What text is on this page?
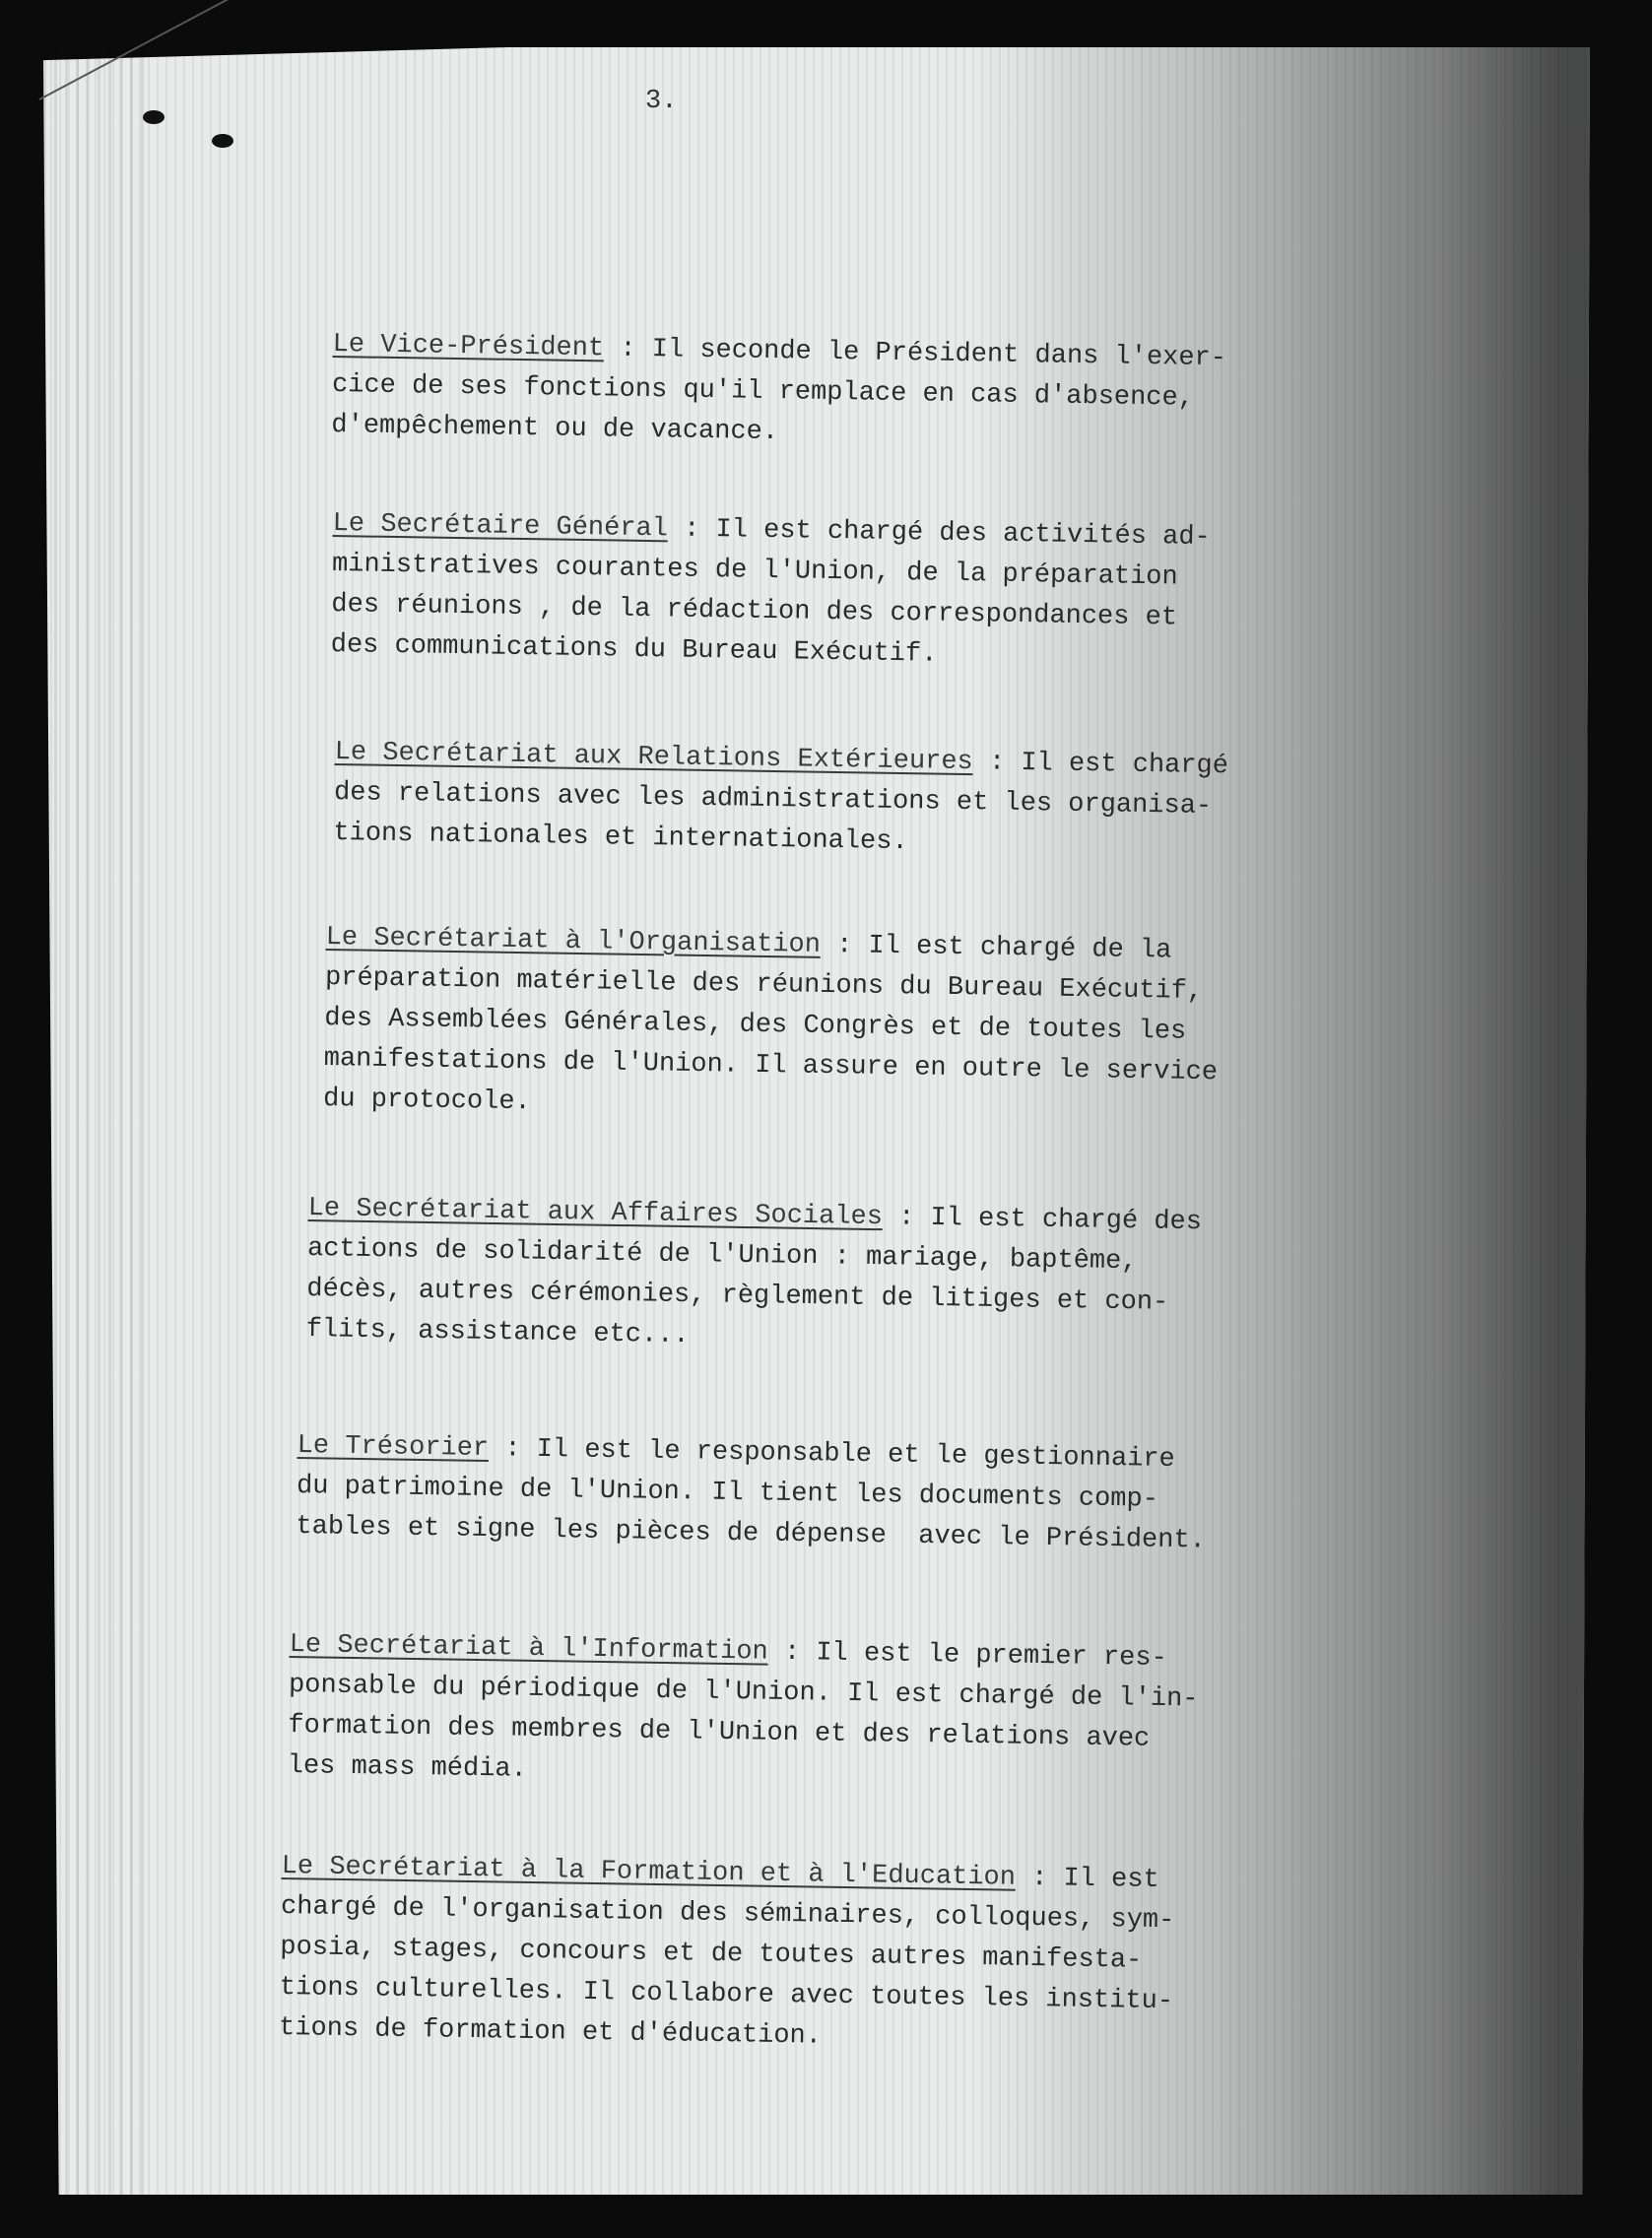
3.
Le Vice-Président : Il seconde le Président dans l'exer-
cice de ses fonctions qu'il remplace en cas d'absence,
d'empêchement ou de vacance.
Le Secrétaire Général : Il est chargé des activités ad-
ministratives courantes de l'Union, de la préparation
des réunions , de la rédaction des correspondances et
des communications du Bureau Exécutif.
Le Secrétariat aux Relations Extérieures : Il est chargé
des relations avec les administrations et les organisa-
tions nationales et internationales.
Le Secrétariat à l'Organisation : Il est chargé de la
préparation matérielle des réunions du Bureau Exécutif,
des Assemblées Générales, des Congrès et de toutes les
manifestations de l'Union. Il assure en outre le service
du protocole.
Le Secrétariat aux Affaires Sociales : Il est chargé des
actions de solidarité de l'Union : mariage, baptême,
décès, autres cérémonies, règlement de litiges et con-
flits, assistance etc...
Le Trésorier : Il est le responsable et le gestionnaire
du patrimoine de l'Union. Il tient les documents comp-
tables et signe les pièces de dépense  avec le Président.
Le Secrétariat à l'Information : Il est le premier res-
ponsable du périodique de l'Union. Il est chargé de l'in-
formation des membres de l'Union et des relations avec
les mass média.
Le Secrétariat à la Formation et à l'Education : Il est
chargé de l'organisation des séminaires, colloques, sym-
posia, stages, concours et de toutes autres manifesta-
tions culturelles. Il collabore avec toutes les institu-
tions de formation et d'éducation.
